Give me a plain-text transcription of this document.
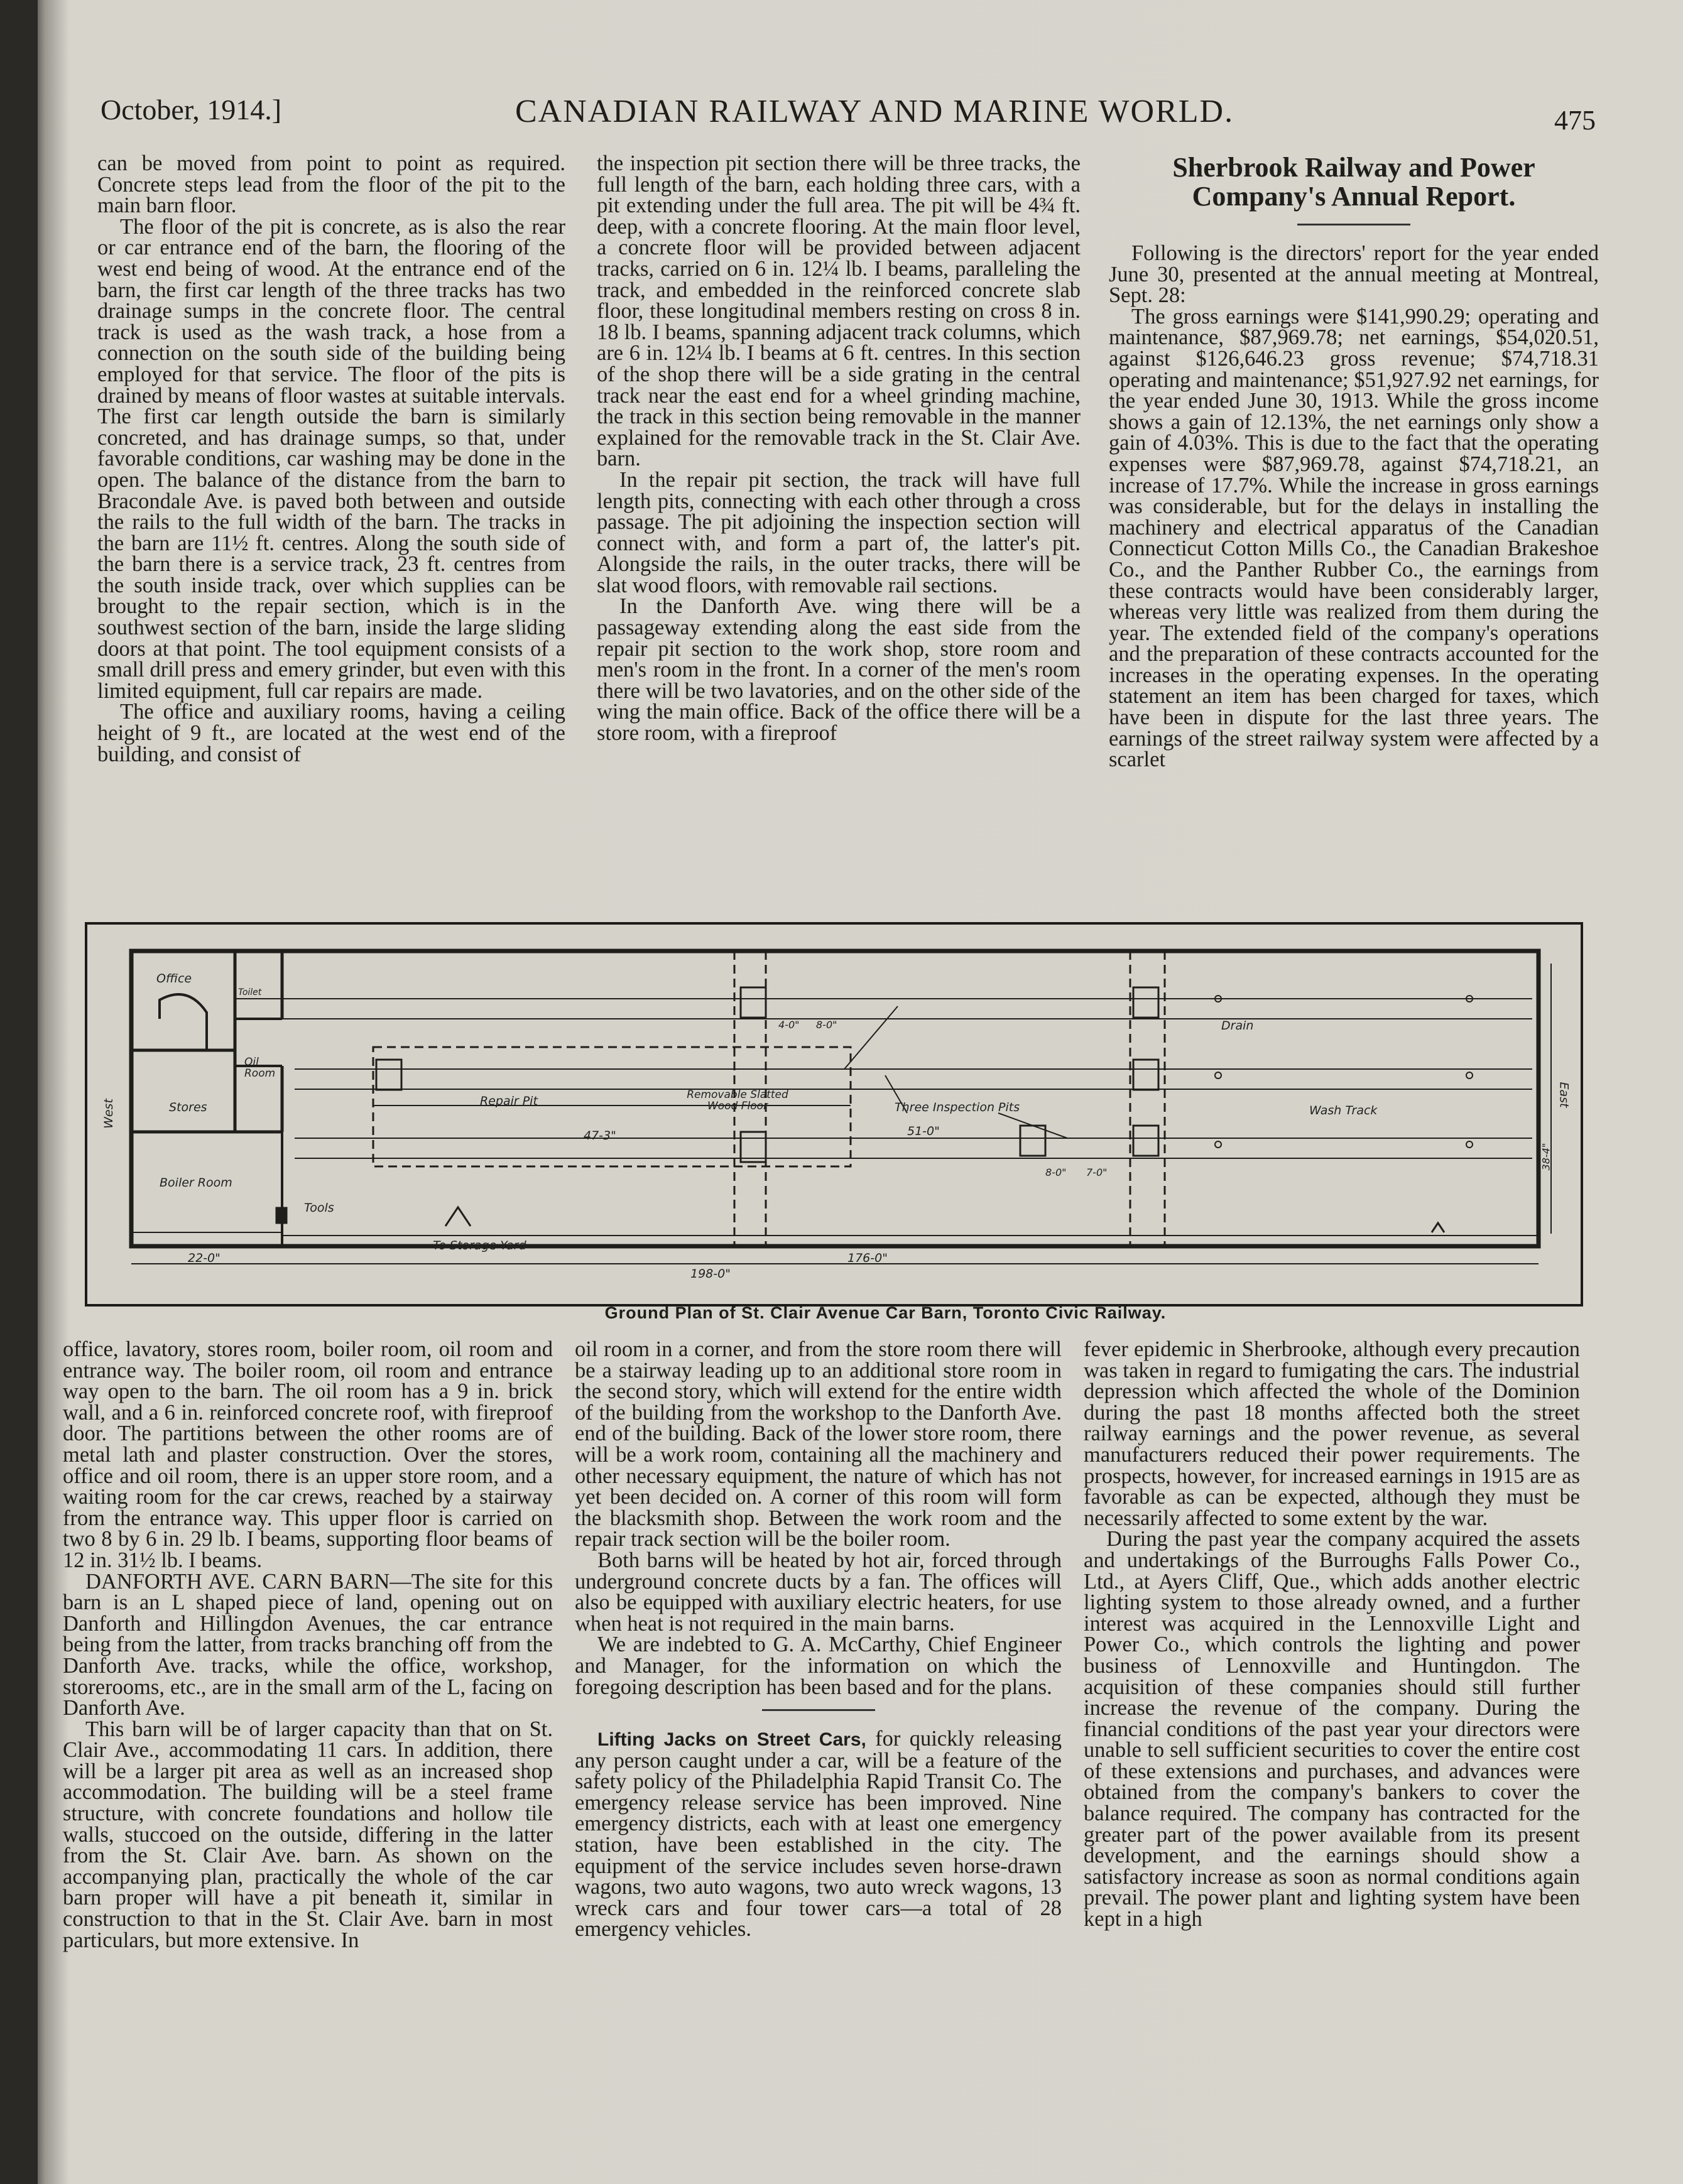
October, 1914.]	CANADIAN RAILWAY AND MARINE WORLD.	475

can be moved from point to point as required. Concrete steps lead from the floor of the pit to the main barn floor.

The floor of the pit is concrete, as is also the rear or car entrance end of the barn, the flooring of the west end being of wood. At the entrance end of the barn, the first car length of the three tracks has two drainage sumps in the concrete floor. The central track is used as the wash track, a hose from a connection on the south side of the building being employed for that service. The floor of the pits is drained by means of floor wastes at suitable intervals. The first car length outside the barn is similarly concreted, and has drainage sumps, so that, under favorable conditions, car washing may be done in the open. The balance of the distance from the barn to Bracondale Ave. is paved both between and outside the rails to the full width of the barn. The tracks in the barn are 11½ ft. centres. Along the south side of the barn there is a service track, 23 ft. centres from the south inside track, over which supplies can be brought to the repair section, which is in the southwest section of the barn, inside the large sliding doors at that point. The tool equipment consists of a small drill press and emery grinder, but even with this limited equipment, full car repairs are made.

The office and auxiliary rooms, having a ceiling height of 9 ft., are located at the west end of the building, and consist of

the inspection pit section there will be three tracks, the full length of the barn, each holding three cars, with a pit extending under the full area. The pit will be 4¾ ft. deep, with a concrete flooring. At the main floor level, a concrete floor will be provided between adjacent tracks, carried on 6 in. 12¼ lb. I beams, paralleling the track, and embedded in the reinforced concrete slab floor, these longitudinal members resting on cross 8 in. 18 lb. I beams, spanning adjacent track columns, which are 6 in. 12¼ lb. I beams at 6 ft. centres. In this section of the shop there will be a side grating in the central track near the east end for a wheel grinding machine, the track in this section being removable in the manner explained for the removable track in the St. Clair Ave. barn.

In the repair pit section, the track will have full length pits, connecting with each other through a cross passage. The pit adjoining the inspection section will connect with, and form a part of, the latter's pit. Alongside the rails, in the outer tracks, there will be slat wood floors, with removable rail sections.

In the Danforth Ave. wing there will be a passageway extending along the east side from the repair pit section to the work shop, store room and men's room in the front. In a corner of the men's room there will be two lavatories, and on the other side of the wing the main office. Back of the office there will be a store room, with a fireproof

Sherbrook Railway and Power Company's Annual Report.

Following is the directors' report for the year ended June 30, presented at the annual meeting at Montreal, Sept. 28:

The gross earnings were $141,990.29; operating and maintenance, $87,969.78; net earnings, $54,020.51, against $126,646.23 gross revenue; $74,718.31 operating and maintenance; $51,927.92 net earnings, for the year ended June 30, 1913. While the gross income shows a gain of 12.13%, the net earnings only show a gain of 4.03%. This is due to the fact that the operating expenses were $87,969.78, against $74,718.21, an increase of 17.7%. While the increase in gross earnings was considerable, but for the delays in installing the machinery and electrical apparatus of the Canadian Connecticut Cotton Mills Co., the Canadian Brakeshoe Co., and the Panther Rubber Co., the earnings from these contracts would have been considerably larger, whereas very little was realized from them during the year. The extended field of the company's operations and the preparation of these contracts accounted for the increases in the operating expenses. In the operating statement an item has been charged for taxes, which have been in dispute for the last three years. The earnings of the street railway system were affected by a scarlet

Office
Toilet
Oil Room
Stores
Boiler Room
Tools
West
East
Repair Pit	Removable Slatted Wood Floor	Three Inspection Pits	Wash Track
Drain
To Storage Yard
22-0"
198-0"
176-0"
47-3"	51-0"
4-0" 8-0"
8-0" 7-0"
38-4"
Ground Plan of St. Clair Avenue Car Barn, Toronto Civic Railway.

office, lavatory, stores room, boiler room, oil room and entrance way. The boiler room, oil room and entrance way open to the barn. The oil room has a 9 in. brick wall, and a 6 in. reinforced concrete roof, with fireproof door. The partitions between the other rooms are of metal lath and plaster construction. Over the stores, office and oil room, there is an upper store room, and a waiting room for the car crews, reached by a stairway from the entrance way. This upper floor is carried on two 8 by 6 in. 29 lb. I beams, supporting floor beams of 12 in. 31½ lb. I beams.

DANFORTH AVE. CARN BARN—The site for this barn is an L shaped piece of land, opening out on Danforth and Hillingdon Avenues, the car entrance being from the latter, from tracks branching off from the Danforth Ave. tracks, while the office, workshop, storerooms, etc., are in the small arm of the L, facing on Danforth Ave.

This barn will be of larger capacity than that on St. Clair Ave., accommodating 11 cars. In addition, there will be a larger pit area as well as an increased shop accommodation. The building will be a steel frame structure, with concrete foundations and hollow tile walls, stuccoed on the outside, differing in the latter from the St. Clair Ave. barn. As shown on the accompanying plan, practically the whole of the car barn proper will have a pit beneath it, similar in construction to that in the St. Clair Ave. barn in most particulars, but more extensive. In

oil room in a corner, and from the store room there will be a stairway leading up to an additional store room in the second story, which will extend for the entire width of the building from the workshop to the Danforth Ave. end of the building. Back of the lower store room, there will be a work room, containing all the machinery and other necessary equipment, the nature of which has not yet been decided on. A corner of this room will form the blacksmith shop. Between the work room and the repair track section will be the boiler room.

Both barns will be heated by hot air, forced through underground concrete ducts by a fan. The offices will also be equipped with auxiliary electric heaters, for use when heat is not required in the main barns.

We are indebted to G. A. McCarthy, Chief Engineer and Manager, for the information on which the foregoing description has been based and for the plans.

Lifting Jacks on Street Cars, for quickly releasing any person caught under a car, will be a feature of the safety policy of the Philadelphia Rapid Transit Co. The emergency release service has been improved. Nine emergency districts, each with at least one emergency station, have been established in the city. The equipment of the service includes seven horse-drawn wagons, two auto wagons, two auto wreck wagons, 13 wreck cars and four tower cars—a total of 28 emergency vehicles.

fever epidemic in Sherbrooke, although every precaution was taken in regard to fumigating the cars. The industrial depression which affected the whole of the Dominion during the past 18 months affected both the street railway earnings and the power revenue, as several manufacturers reduced their power requirements. The prospects, however, for increased earnings in 1915 are as favorable as can be expected, although they must be necessarily affected to some extent by the war.

During the past year the company acquired the assets and undertakings of the Burroughs Falls Power Co., Ltd., at Ayers Cliff, Que., which adds another electric lighting system to those already owned, and a further interest was acquired in the Lennoxville Light and Power Co., which controls the lighting and power business of Lennoxville and Huntingdon. The acquisition of these companies should still further increase the revenue of the company. During the financial conditions of the past year your directors were unable to sell sufficient securities to cover the entire cost of these extensions and purchases, and advances were obtained from the company's bankers to cover the balance required. The company has contracted for the greater part of the power available from its present development, and the earnings should show a satisfactory increase as soon as normal conditions again prevail. The power plant and lighting system have been kept in a high
